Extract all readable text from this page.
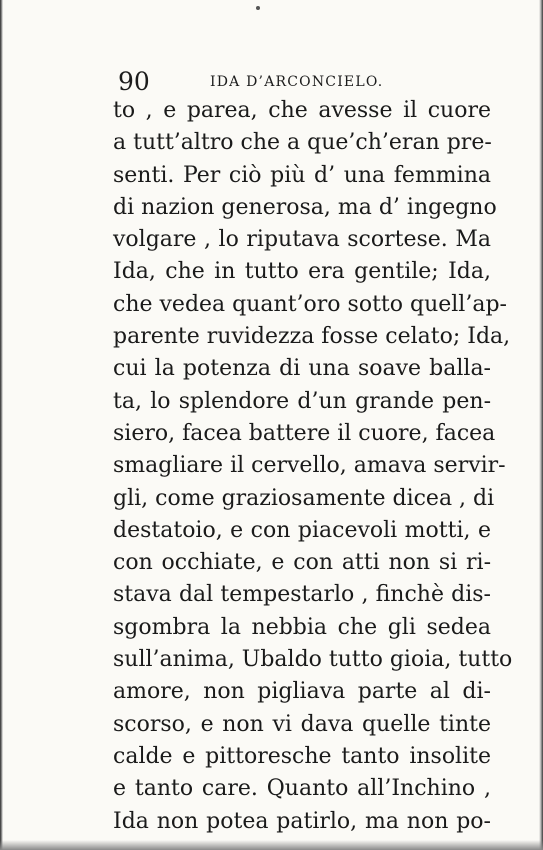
90	IDA D’ARCONCIELO.
to , e parea, che avesse il cuore
a tutt’altro che a que’ch’eran pre-
senti. Per ciò più d’ una femmina
di nazion generosa, ma d’ ingegno
volgare , lo riputava scortese. Ma
Ida, che in tutto era gentile; Ida,
che vedea quant’oro sotto quell’ap-
parente ruvidezza fosse celato; Ida,
cui la potenza di una soave balla-
ta, lo splendore d’un grande pen-
siero, facea battere il cuore, facea
smagliare il cervello, amava servir-
gli, come graziosamente dicea , di
destatoio, e con piacevoli motti, e
con occhiate, e con atti non si ri-
stava dal tempestarlo , finchè dis-
sgombra la nebbia che gli sedea
sull’anima, Ubaldo tutto gioia, tutto
amore, non pigliava parte al di-
scorso, e non vi dava quelle tinte
calde e pittoresche tanto insolite
e tanto care. Quanto all’Inchino ,
Ida non potea patirlo, ma non po-
